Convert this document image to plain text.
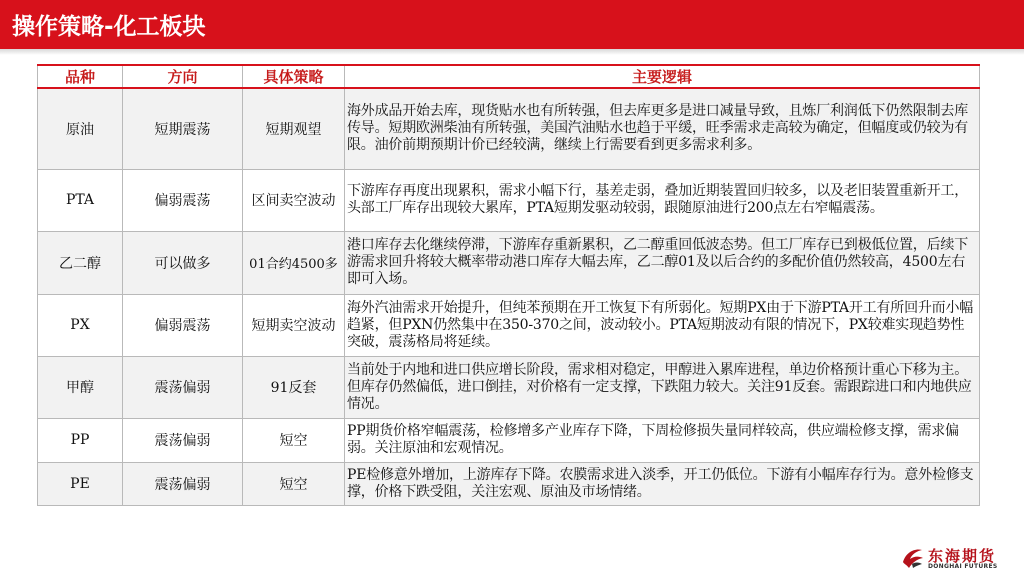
操作策略-化工板块
品种	方向	具体策略	主要逻辑
原油	短期震荡	短期观望	海外成品开始去库，现货贴水也有所转强，但去库更多是进口减量导致，且炼厂利润低下仍然限制去库传导。短期欧洲柴油有所转强，美国汽油贴水也趋于平缓，旺季需求走高较为确定，但幅度或仍较为有限。油价前期预期计价已经较满，继续上行需要看到更多需求利多。
PTA	偏弱震荡	区间卖空波动	下游库存再度出现累积，需求小幅下行，基差走弱，叠加近期装置回归较多，以及老旧装置重新开工，头部工厂库存出现较大累库，PTA短期发驱动较弱，跟随原油进行200点左右窄幅震荡。
乙二醇	可以做多	01合约4500多	港口库存去化继续停滞，下游库存重新累积，乙二醇重回低波态势。但工厂库存已到极低位置，后续下游需求回升将较大概率带动港口库存大幅去库，乙二醇01及以后合约的多配价值仍然较高，4500左右即可入场。
PX	偏弱震荡	短期卖空波动	海外汽油需求开始提升，但纯苯预期在开工恢复下有所弱化。短期PX由于下游PTA开工有所回升而小幅趋紧，但PXN仍然集中在350-370之间，波动较小。PTA短期波动有限的情况下，PX较难实现趋势性突破，震荡格局将延续。
甲醇	震荡偏弱	91反套	当前处于内地和进口供应增长阶段，需求相对稳定，甲醇进入累库进程，单边价格预计重心下移为主。但库存仍然偏低，进口倒挂，对价格有一定支撑，下跌阻力较大。关注91反套。需跟踪进口和内地供应情况。
PP	震荡偏弱	短空	PP期货价格窄幅震荡，检修增多产业库存下降，下周检修损失量同样较高，供应端检修支撑，需求偏弱。关注原油和宏观情况。
PE	震荡偏弱	短空	PE检修意外增加，上游库存下降。农膜需求进入淡季，开工仍低位。下游有小幅库存行为。意外检修支撑，价格下跌受阻，关注宏观、原油及市场情绪。
东海期货
DONGHAI FUTURES
